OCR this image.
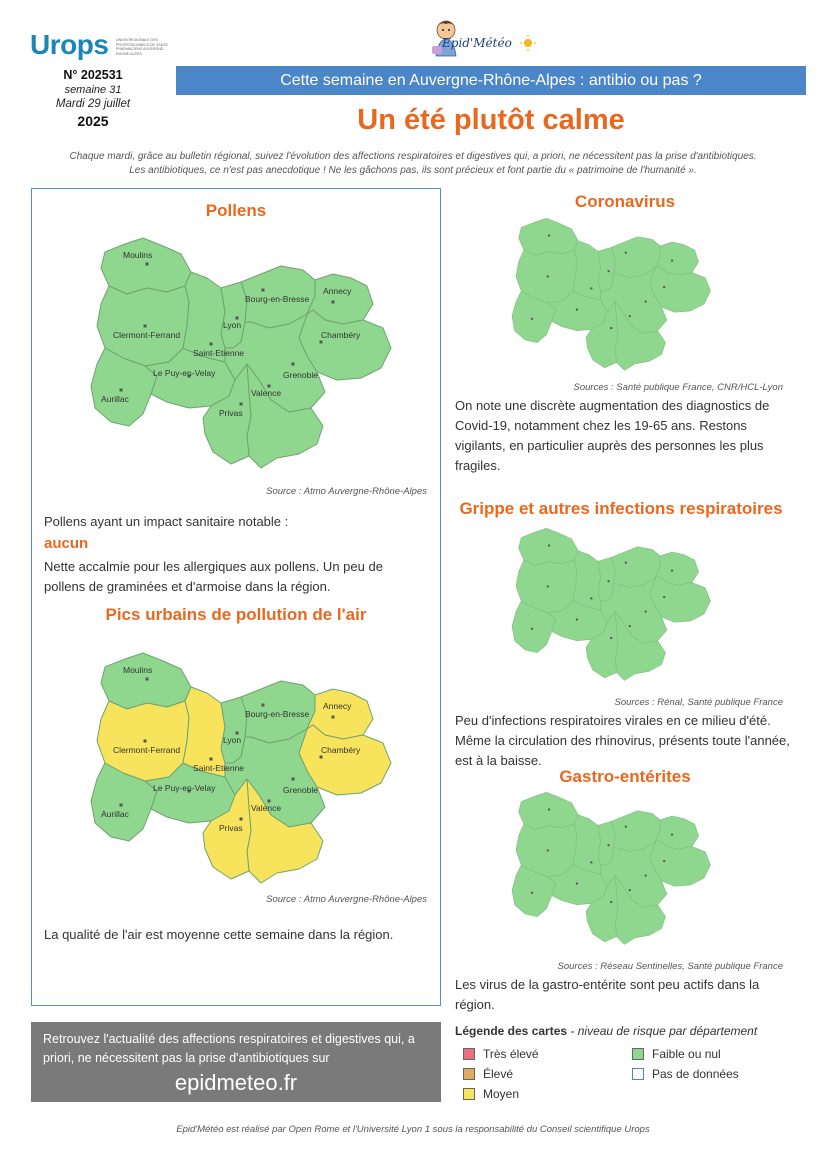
Urops	UNION REGIONALE DES PROFESSIONNELS DE SANTE PHARMACIENS AUVERGNE-RHONE-ALPES
Epid'Météo
N° 202531
semaine 31
Mardi 29 juillet
2025
Cette semaine en Auvergne-Rhône-Alpes : antibio ou pas ?
Un été plutôt calme
Chaque mardi, grâce au bulletin régional, suivez l'évolution des affections respiratoires et digestives qui, a priori, ne nécessitent pas la prise d'antibiotiques.
Les antibiotiques, ce n'est pas anecdotique ! Ne les gâchons pas, ils sont précieux et font partie du « patrimoine de l'humanité ».
Pollens
Moulins
Clermont-Ferrand
Aurillac
Le Puy-en-Velay
Saint-Etienne
Lyon
Bourg-en-Bresse
Annecy
Chambéry
Grenoble
Valence
Privas
Source : Atmo Auvergne-Rhône-Alpes
Pollens ayant un impact sanitaire notable :
aucun
Nette accalmie pour les allergiques aux pollens. Un peu de pollens de graminées et d'armoise dans la région.
Pics urbains de pollution de l'air
Moulins
Clermont-Ferrand
Aurillac
Le Puy-en-Velay
Saint-Etienne
Lyon
Bourg-en-Bresse
Annecy
Chambéry
Grenoble
Valence
Privas
Source : Atmo Auvergne-Rhône-Alpes
La qualité de l'air est moyenne cette semaine dans la région.
Coronavirus
Sources : Santé publique France, CNR/HCL-Lyon
On note une discrète augmentation des diagnostics de Covid-19, notamment chez les 19-65 ans. Restons vigilants, en particulier auprès des personnes les plus fragiles.
Grippe et autres infections respiratoires
Sources : Rénal, Santé publique France
Peu d'infections respiratoires virales en ce milieu d'été. Même la circulation des rhinovirus, présents toute l'année, est à la baisse.
Gastro-entérites
Sources : Réseau Sentinelles, Santé publique France
Les virus de la gastro-entérite sont peu actifs dans la région.
Retrouvez l'actualité des affections respiratoires et digestives qui, a priori, ne nécessitent pas la prise d'antibiotiques sur
epidmeteo.fr
Légende des cartes - niveau de risque par département
Très élevé
Élevé
Moyen
Faible ou nul
Pas de données
Epid'Météo est réalisé par Open Rome et l'Université Lyon 1 sous la responsabilité du Conseil scientifique Urops
